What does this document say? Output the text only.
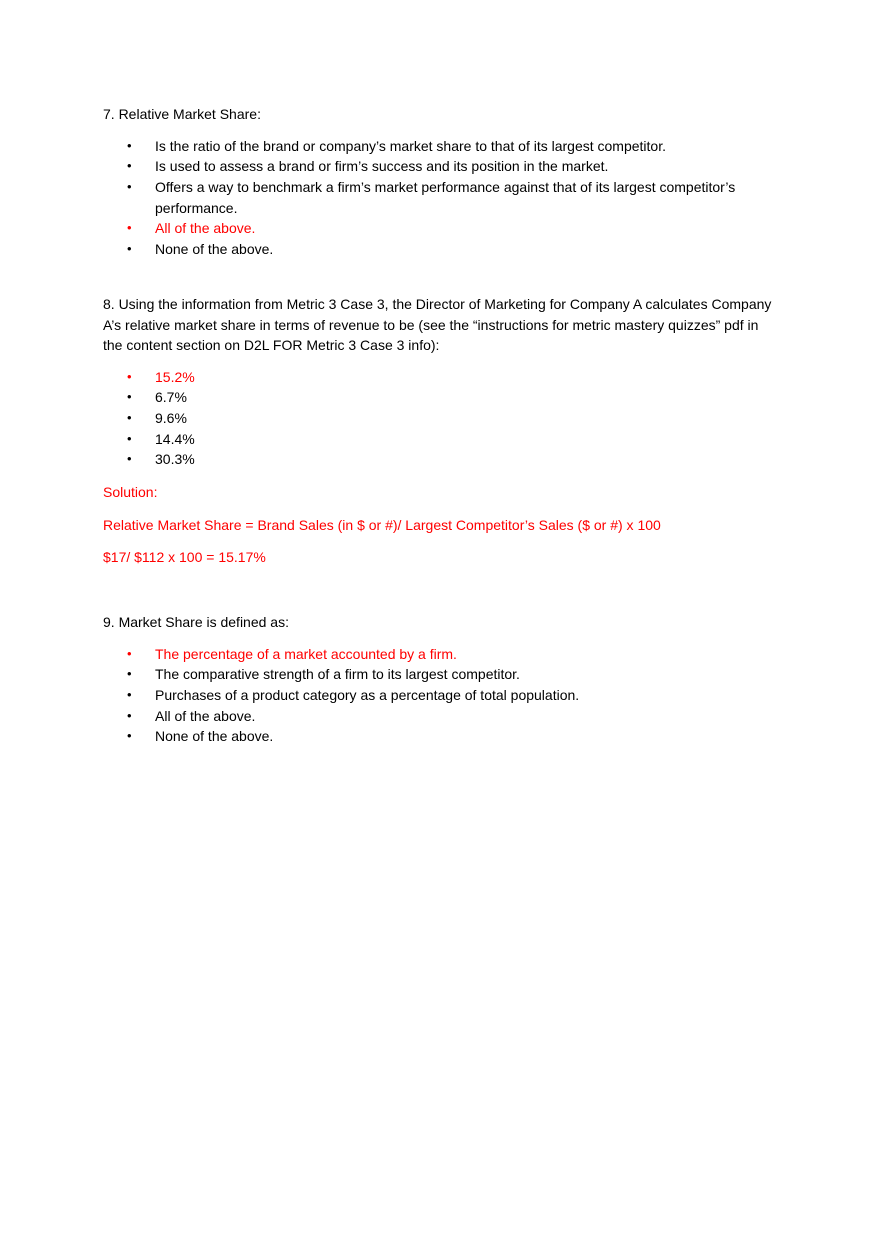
7. Relative Market Share:

• Is the ratio of the brand or company’s market share to that of its largest competitor.
• Is used to assess a brand or firm’s success and its position in the market.
• Offers a way to benchmark a firm’s market performance against that of its largest competitor’s performance.
• All of the above.
• None of the above.

8. Using the information from Metric 3 Case 3, the Director of Marketing for Company A calculates Company A’s relative market share in terms of revenue to be (see the “instructions for metric mastery quizzes” pdf in the content section on D2L FOR Metric 3 Case 3 info):

• 15.2%
• 6.7%
• 9.6%
• 14.4%
• 30.3%

Solution:

Relative Market Share = Brand Sales (in $ or #)/ Largest Competitor’s Sales ($ or #) x 100

$17/ $112 x 100 = 15.17%

9. Market Share is defined as:

• The percentage of a market accounted by a firm.
• The comparative strength of a firm to its largest competitor.
• Purchases of a product category as a percentage of total population.
• All of the above.
• None of the above.
